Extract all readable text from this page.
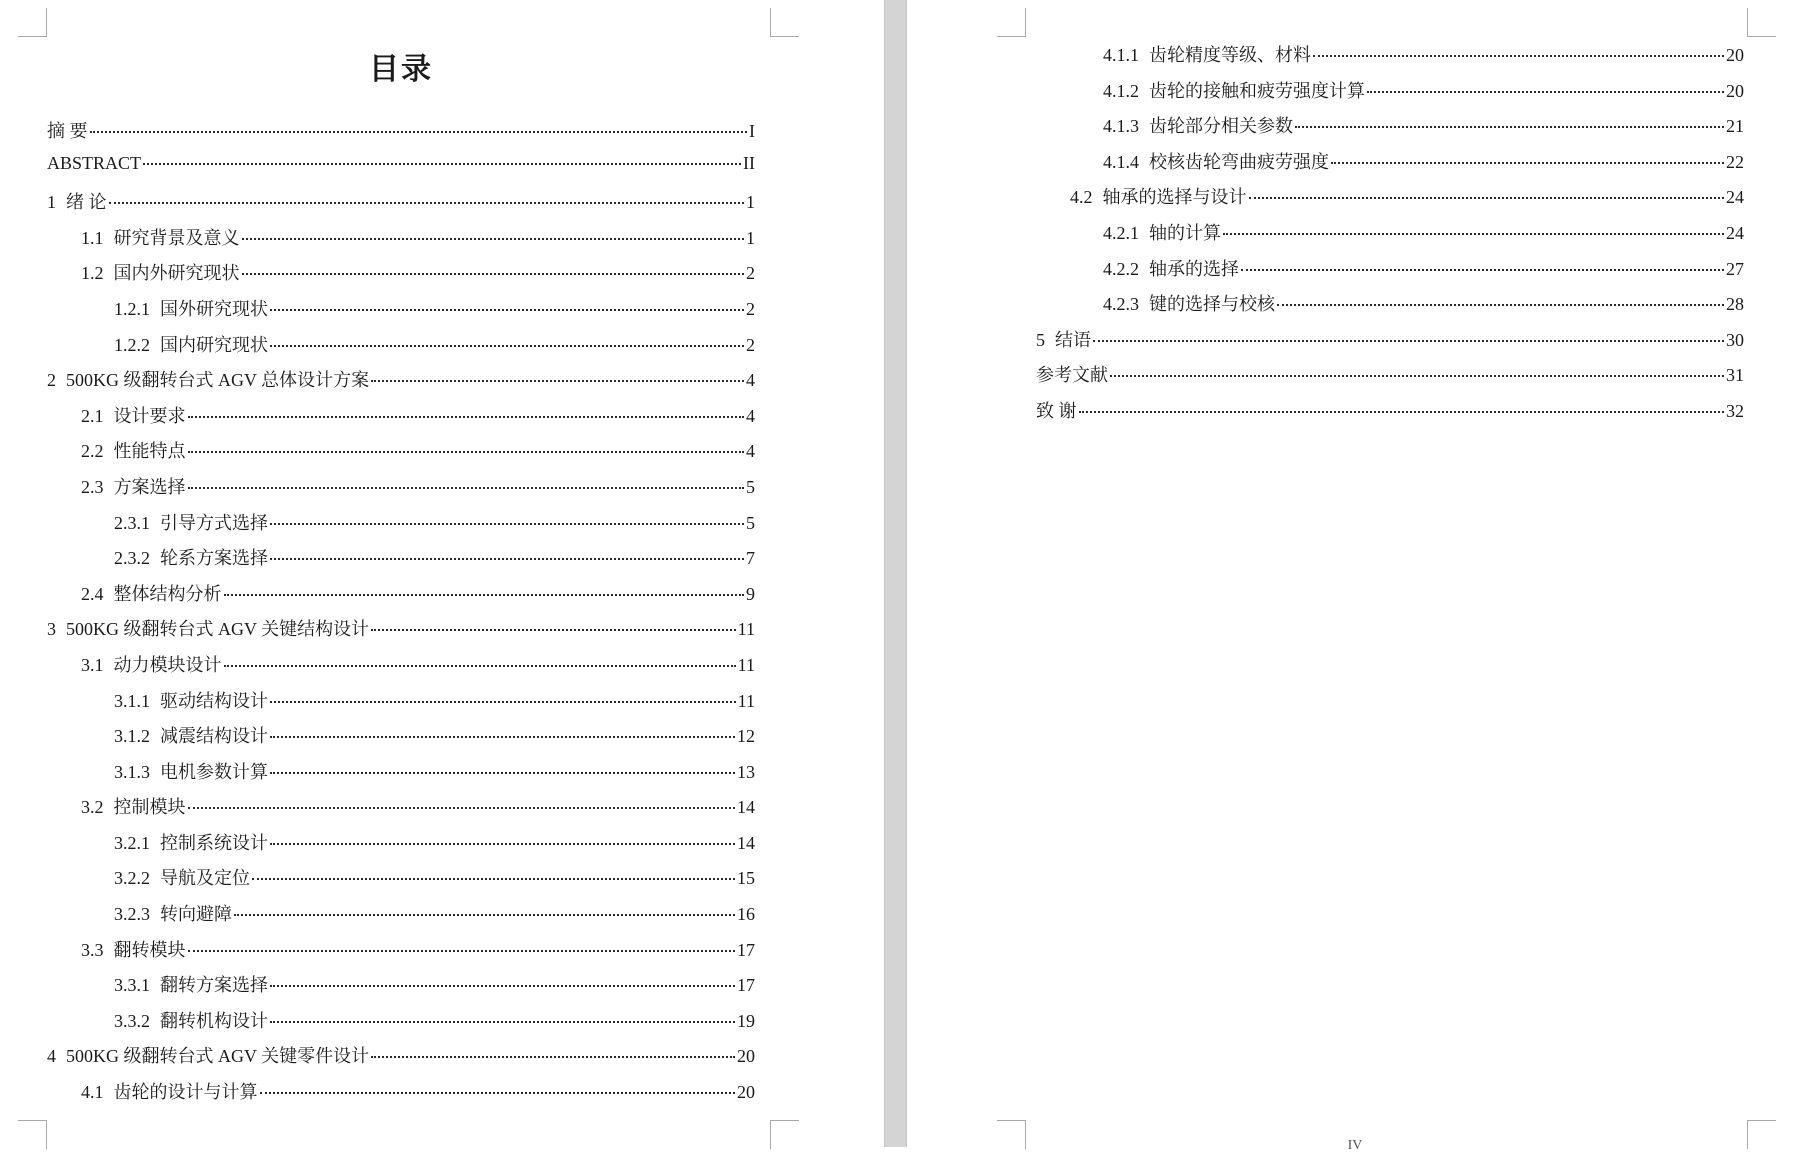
目录
摘 要	I
ABSTRACT	II
1 绪 论	1
1.1 研究背景及意义	1
1.2 国内外研究现状	2
1.2.1 国外研究现状	2
1.2.2 国内研究现状	2
2 500KG 级翻转台式 AGV 总体设计方案	4
2.1 设计要求	4
2.2 性能特点	4
2.3 方案选择	5
2.3.1 引导方式选择	5
2.3.2 轮系方案选择	7
2.4 整体结构分析	9
3 500KG 级翻转台式 AGV 关键结构设计	11
3.1 动力模块设计	11
3.1.1 驱动结构设计	11
3.1.2 减震结构设计	12
3.1.3 电机参数计算	13
3.2 控制模块	14
3.2.1 控制系统设计	14
3.2.2 导航及定位	15
3.2.3 转向避障	16
3.3 翻转模块	17
3.3.1 翻转方案选择	17
3.3.2 翻转机构设计	19
4 500KG 级翻转台式 AGV 关键零件设计	20
4.1 齿轮的设计与计算	20
IV
4.1.1 齿轮精度等级、材料	20
4.1.2 齿轮的接触和疲劳强度计算	20
4.1.3 齿轮部分相关参数	21
4.1.4 校核齿轮弯曲疲劳强度	22
4.2 轴承的选择与设计	24
4.2.1 轴的计算	24
4.2.2 轴承的选择	27
4.2.3 键的选择与校核	28
5 结语	30
参考文献	31
致 谢	32
